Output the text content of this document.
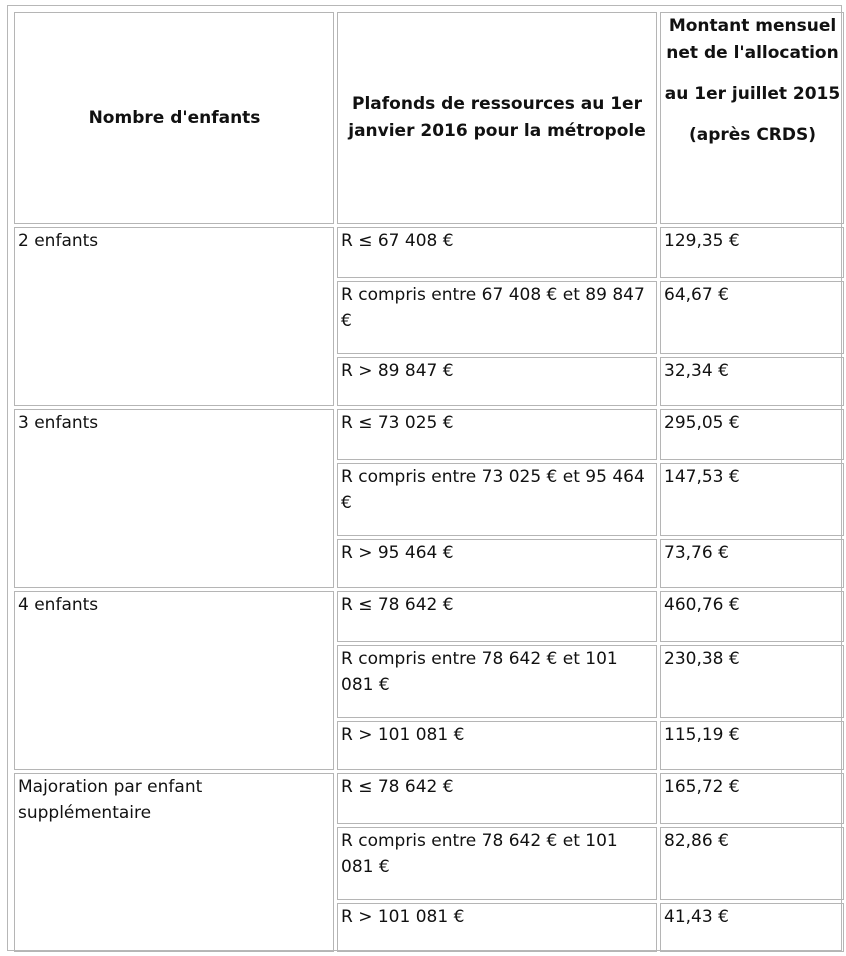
Nombre d'enfants	Plafonds de ressources au 1er janvier 2016 pour la métropole	Montant mensuel net de l'allocation

au 1er juillet 2015

(après CRDS)

2 enfants	R ≤ 67 408 €	129,35 €
	R compris entre 67 408 € et 89 847 €	64,67 €
	R > 89 847 €	32,34 €
3 enfants	R ≤ 73 025 €	295,05 €
	R compris entre 73 025 € et 95 464 €	147,53 €
	R > 95 464 €	73,76 €
4 enfants	R ≤ 78 642 €	460,76 €
	R compris entre 78 642 € et 101 081 €	230,38 €
	R > 101 081 €	115,19 €
Majoration par enfant supplémentaire	R ≤ 78 642 €	165,72 €
	R compris entre 78 642 € et 101 081 €	82,86 €
	R > 101 081 €	41,43 €
